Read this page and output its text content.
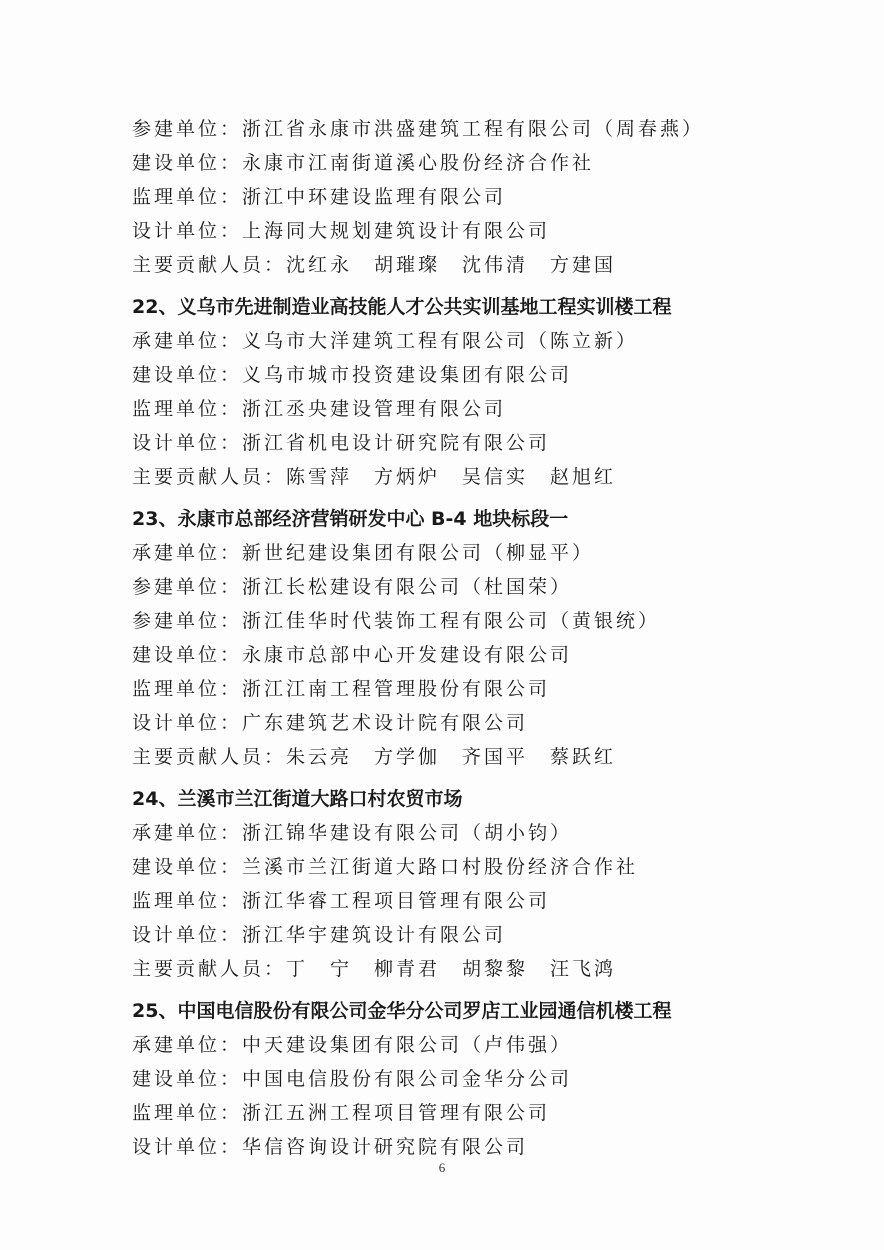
参建单位：浙江省永康市洪盛建筑工程有限公司（周春燕）
建设单位：永康市江南街道溪心股份经济合作社
监理单位：浙江中环建设监理有限公司
设计单位：上海同大规划建筑设计有限公司
主要贡献人员：沈红永　胡璀璨　沈伟清　方建国
22、义乌市先进制造业高技能人才公共实训基地工程实训楼工程
承建单位：义乌市大洋建筑工程有限公司（陈立新）
建设单位：义乌市城市投资建设集团有限公司
监理单位：浙江丞央建设管理有限公司
设计单位：浙江省机电设计研究院有限公司
主要贡献人员：陈雪萍　方炳炉　吴信实　赵旭红
23、永康市总部经济营销研发中心 B-4 地块标段一
承建单位：新世纪建设集团有限公司（柳显平）
参建单位：浙江长松建设有限公司（杜国荣）
参建单位：浙江佳华时代装饰工程有限公司（黄银统）
建设单位：永康市总部中心开发建设有限公司
监理单位：浙江江南工程管理股份有限公司
设计单位：广东建筑艺术设计院有限公司
主要贡献人员：朱云亮　方学伽　齐国平　蔡跃红
24、兰溪市兰江街道大路口村农贸市场
承建单位：浙江锦华建设有限公司（胡小钧）
建设单位：兰溪市兰江街道大路口村股份经济合作社
监理单位：浙江华睿工程项目管理有限公司
设计单位：浙江华宇建筑设计有限公司
主要贡献人员：丁　宁　柳青君　胡黎黎　汪飞鸿
25、中国电信股份有限公司金华分公司罗店工业园通信机楼工程
承建单位：中天建设集团有限公司（卢伟强）
建设单位：中国电信股份有限公司金华分公司
监理单位：浙江五洲工程项目管理有限公司
设计单位：华信咨询设计研究院有限公司
6
